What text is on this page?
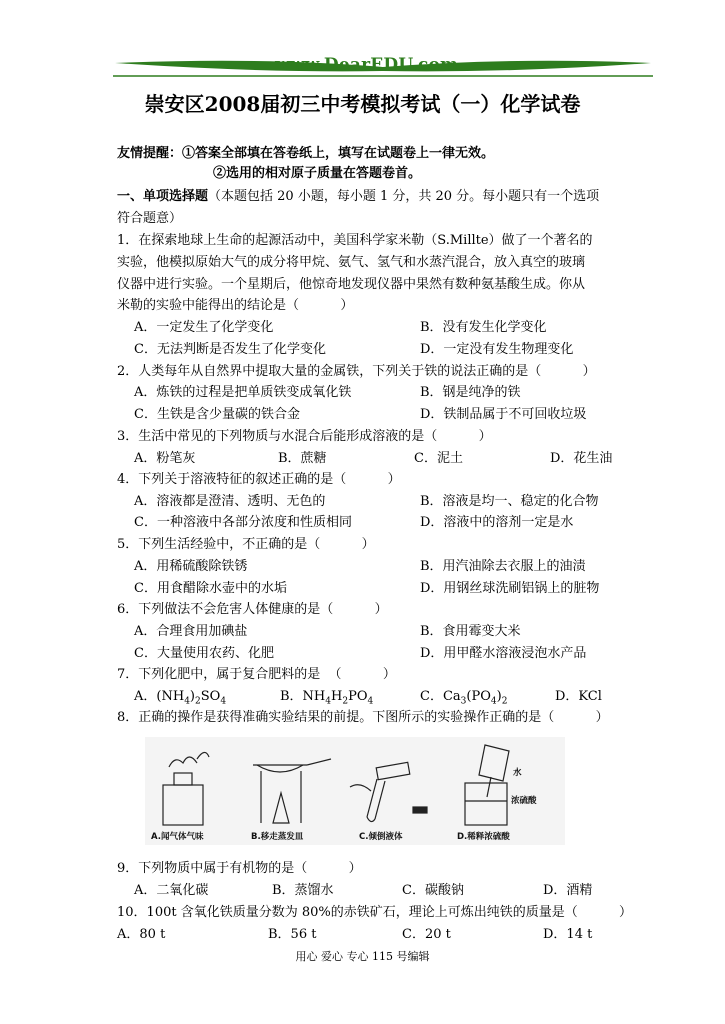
www.DearEDU.com
崇安区2008届初三中考模拟考试（一）化学试卷
友情提醒：①答案全部填在答卷纸上，填写在试题卷上一律无效。
②选用的相对原子质量在答题卷首。
一、单项选择题（本题包括 20 小题，每小题 1 分，共 20 分。每小题只有一个选项
符合题意）
1．在探索地球上生命的起源活动中，美国科学家米勒（S.Millte）做了一个著名的
实验，他模拟原始大气的成分将甲烷、氨气、氢气和水蒸汽混合，放入真空的玻璃
仪器中进行实验。一个星期后，他惊奇地发现仪器中果然有数种氨基酸生成。你从
米勒的实验中能得出的结论是（          ）
A．一定发生了化学变化	B．没有发生化学变化
C．无法判断是否发生了化学变化	D．一定没有发生物理变化
2．人类每年从自然界中提取大量的金属铁，下列关于铁的说法正确的是（          ）
A．炼铁的过程是把单质铁变成氧化铁	B．钢是纯净的铁
C．生铁是含少量碳的铁合金	D．铁制品属于不可回收垃圾
3．生活中常见的下列物质与水混合后能形成溶液的是（          ）
A．粉笔灰	B．蔗糖	C．泥土	D．花生油
4．下列关于溶液特征的叙述正确的是（          ）
A．溶液都是澄清、透明、无色的	B．溶液是均一、稳定的化合物
C．一种溶液中各部分浓度和性质相同	D．溶液中的溶剂一定是水
5．下列生活经验中，不正确的是（          ）
A．用稀硫酸除铁锈	B．用汽油除去衣服上的油渍
C．用食醋除水壶中的水垢	D．用钢丝球洗刷铝锅上的脏物
6．下列做法不会危害人体健康的是（          ）
A．合理食用加碘盐	B．食用霉变大米
C．大量使用农药、化肥	D．用甲醛水溶液浸泡水产品
7．下列化肥中，属于复合肥料的是  （          ）
A．$(NH_4)_2SO_4$	B．$NH_4H_2PO_4$	C．$Ca_3(PO_4)_2$	D．KCl
8．正确的操作是获得准确实验结果的前提。下图所示的实验操作正确的是（          ）
A.闻气体气味	B.移走蒸发皿	C.倾倒液体
水
浓硫酸
D.稀释浓硫酸
9．下列物质中属于有机物的是（          ）
A．二氧化碳	B．蒸馏水	C．碳酸钠	D．酒精
10．100t 含氧化铁质量分数为 80%的赤铁矿石，理论上可炼出纯铁的质量是（          ）
A．80 t	B．56 t	C．20 t	D．14 t
用心 爱心 专心 115 号编辑
